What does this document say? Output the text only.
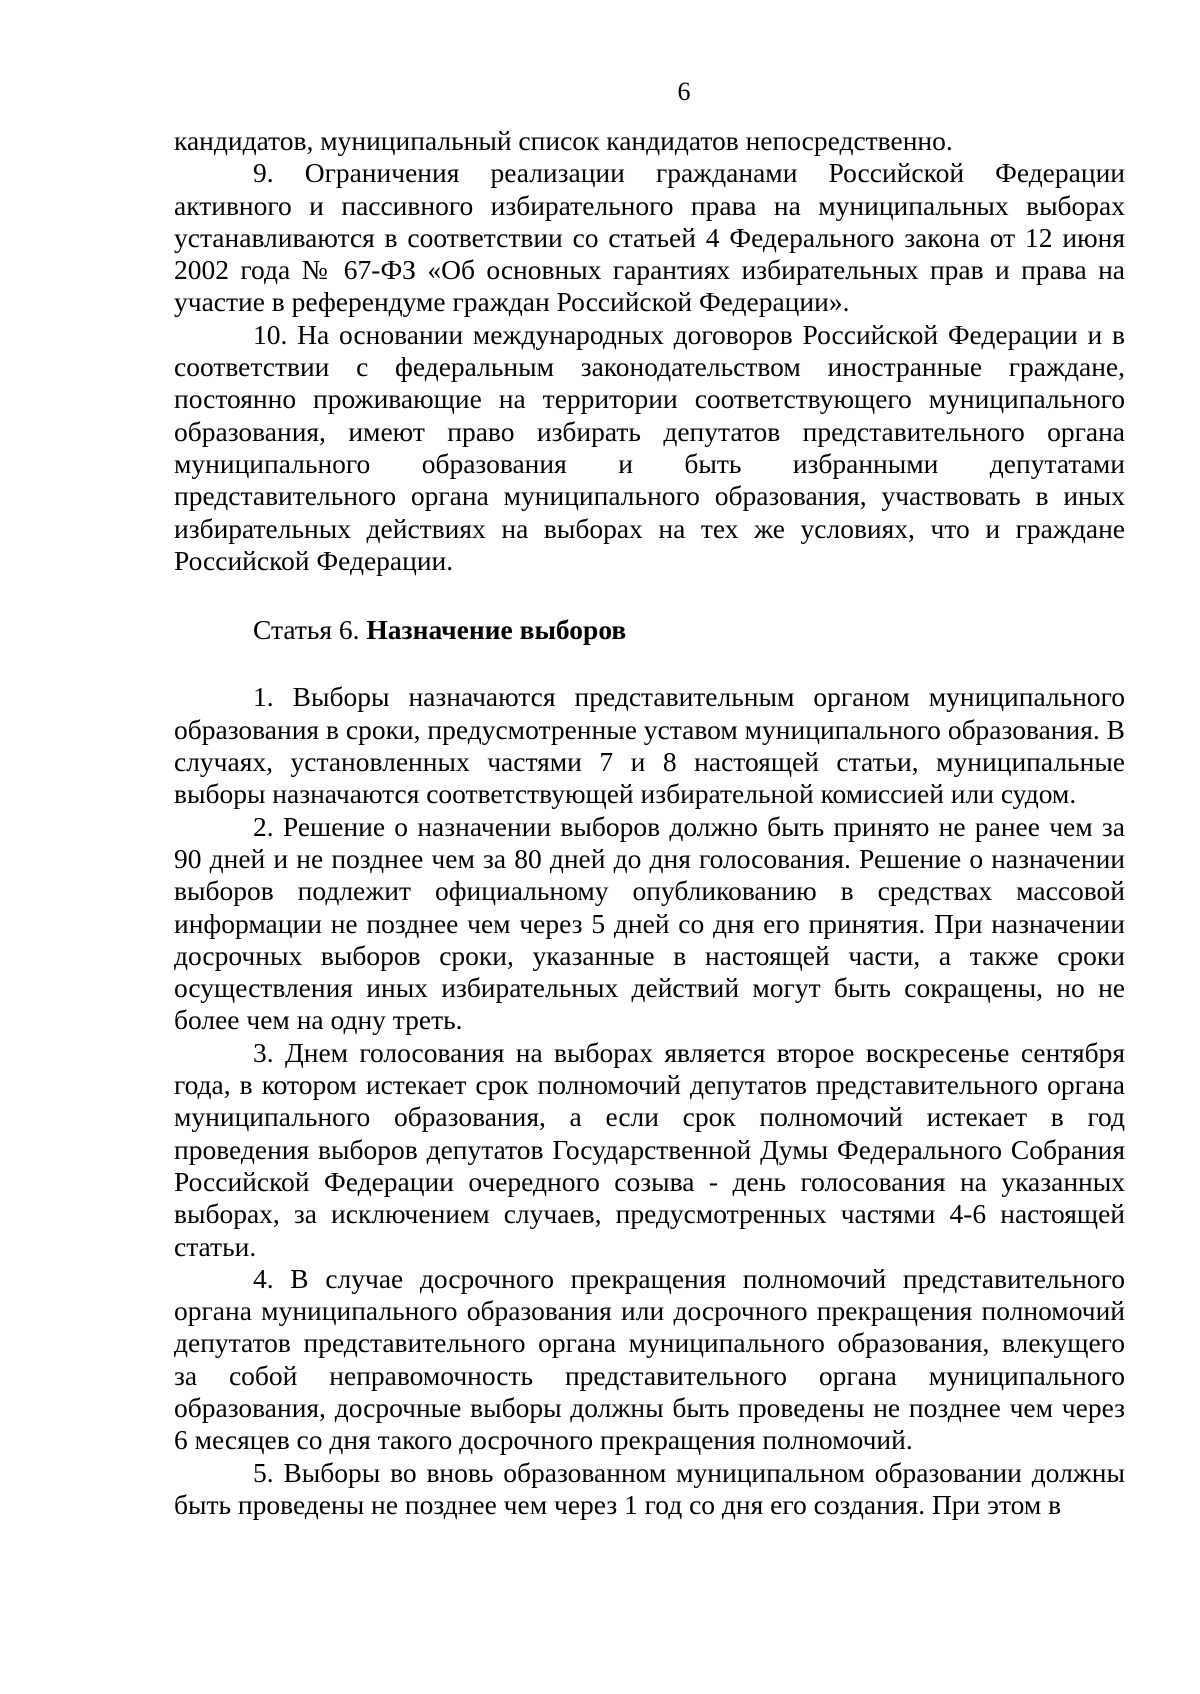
6

кандидатов, муниципальный список кандидатов непосредственно.

9. Ограничения реализации гражданами Российской Федерации активного и пассивного избирательного права на муниципальных выборах устанавливаются в соответствии со статьей 4 Федерального закона от 12 июня 2002 года № 67-ФЗ «Об основных гарантиях избирательных прав и права на участие в референдуме граждан Российской Федерации».

10. На основании международных договоров Российской Федерации и в соответствии с федеральным законодательством иностранные граждане, постоянно проживающие на территории соответствующего муниципального образования, имеют право избирать депутатов представительного органа муниципального образования и быть избранными депутатами представительного органа муниципального образования, участвовать в иных избирательных действиях на выборах на тех же условиях, что и граждане Российской Федерации.

Статья 6. Назначение выборов

1. Выборы назначаются представительным органом муниципального образования в сроки, предусмотренные уставом муниципального образования. В случаях, установленных частями 7 и 8 настоящей статьи, муниципальные выборы назначаются соответствующей избирательной комиссией или судом.

2. Решение о назначении выборов должно быть принято не ранее чем за 90 дней и не позднее чем за 80 дней до дня голосования. Решение о назначении выборов подлежит официальному опубликованию в средствах массовой информации не позднее чем через 5 дней со дня его принятия. При назначении досрочных выборов сроки, указанные в настоящей части, а также сроки осуществления иных избирательных действий могут быть сокращены, но не более чем на одну треть.

3. Днем голосования на выборах является второе воскресенье сентября года, в котором истекает срок полномочий депутатов представительного органа муниципального образования, а если срок полномочий истекает в год проведения выборов депутатов Государственной Думы Федерального Собрания Российской Федерации очередного созыва - день голосования на указанных выборах, за исключением случаев, предусмотренных частями 4-6 настоящей статьи.

4. В случае досрочного прекращения полномочий представительного органа муниципального образования или досрочного прекращения полномочий депутатов представительного органа муниципального образования, влекущего за собой неправомочность представительного органа муниципального образования, досрочные выборы должны быть проведены не позднее чем через 6 месяцев со дня такого досрочного прекращения полномочий.

5. Выборы во вновь образованном муниципальном образовании должны быть проведены не позднее чем через 1 год со дня его создания. При этом в
